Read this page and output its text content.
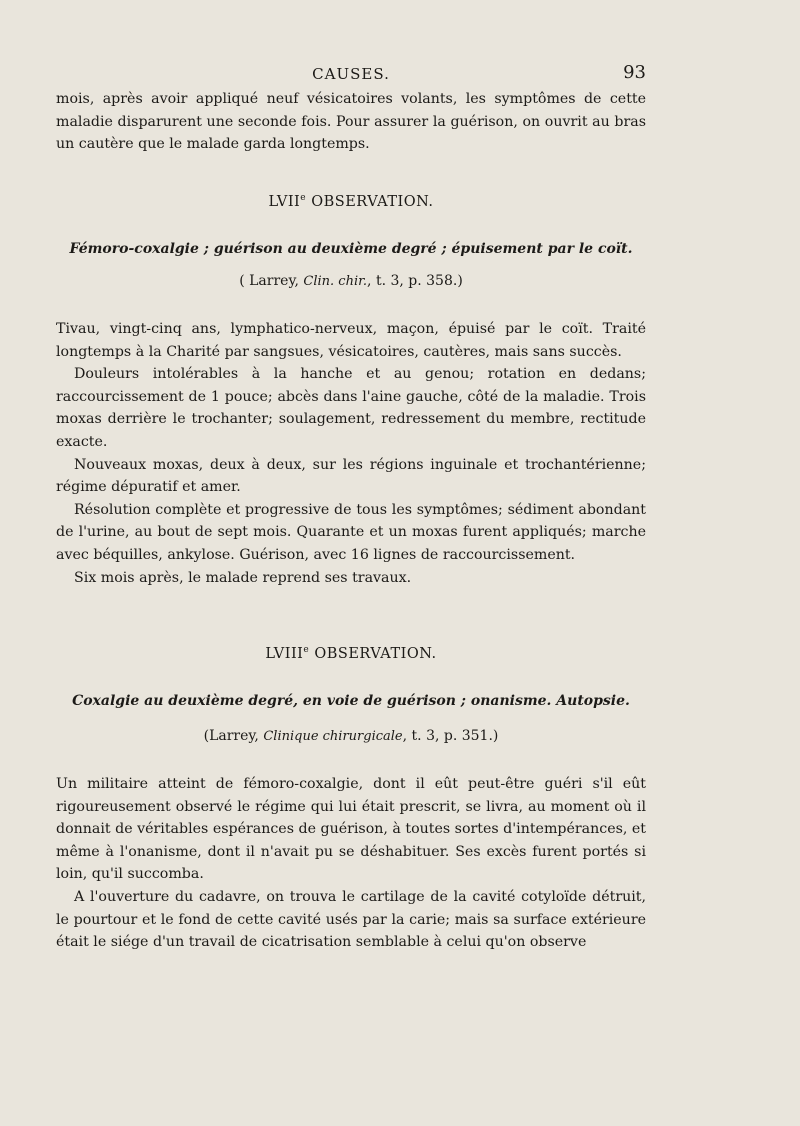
CAUSES.	93

mois, après avoir appliqué neuf vésicatoires volants, les symptômes de cette maladie disparurent une seconde fois. Pour assurer la guérison, on ouvrit au bras un cautère que le malade garda longtemps.

LVIIe OBSERVATION.
Fémoro-coxalgie ; guérison au deuxième degré ; épuisement par le coït.
( Larrey, Clin. chir., t. 3, p. 358.)

Tivau, vingt-cinq ans, lymphatico-nerveux, maçon, épuisé par le coït. Traité longtemps à la Charité par sangsues, vésicatoires, cautères, mais sans succès.

Douleurs intolérables à la hanche et au genou; rotation en dedans; raccourcissement de 1 pouce; abcès dans l'aine gauche, côté de la maladie. Trois moxas derrière le trochanter; soulagement, redressement du membre, rectitude exacte.

Nouveaux moxas, deux à deux, sur les régions inguinale et trochantérienne; régime dépuratif et amer.

Résolution complète et progressive de tous les symptômes; sédiment abondant de l'urine, au bout de sept mois. Quarante et un moxas furent appliqués; marche avec béquilles, ankylose. Guérison, avec 16 lignes de raccourcissement.

Six mois après, le malade reprend ses travaux.

LVIIIe OBSERVATION.
Coxalgie au deuxième degré, en voie de guérison ; onanisme. Autopsie.
(Larrey, Clinique chirurgicale, t. 3, p. 351.)

Un militaire atteint de fémoro-coxalgie, dont il eût peut-être guéri s'il eût rigoureusement observé le régime qui lui était prescrit, se livra, au moment où il donnait de véritables espérances de guérison, à toutes sortes d'intempérances, et même à l'onanisme, dont il n'avait pu se déshabituer. Ses excès furent portés si loin, qu'il succomba.

A l'ouverture du cadavre, on trouva le cartilage de la cavité cotyloïde détruit, le pourtour et le fond de cette cavité usés par la carie; mais sa surface extérieure était le siége d'un travail de cicatrisation semblable à celui qu'on observe
